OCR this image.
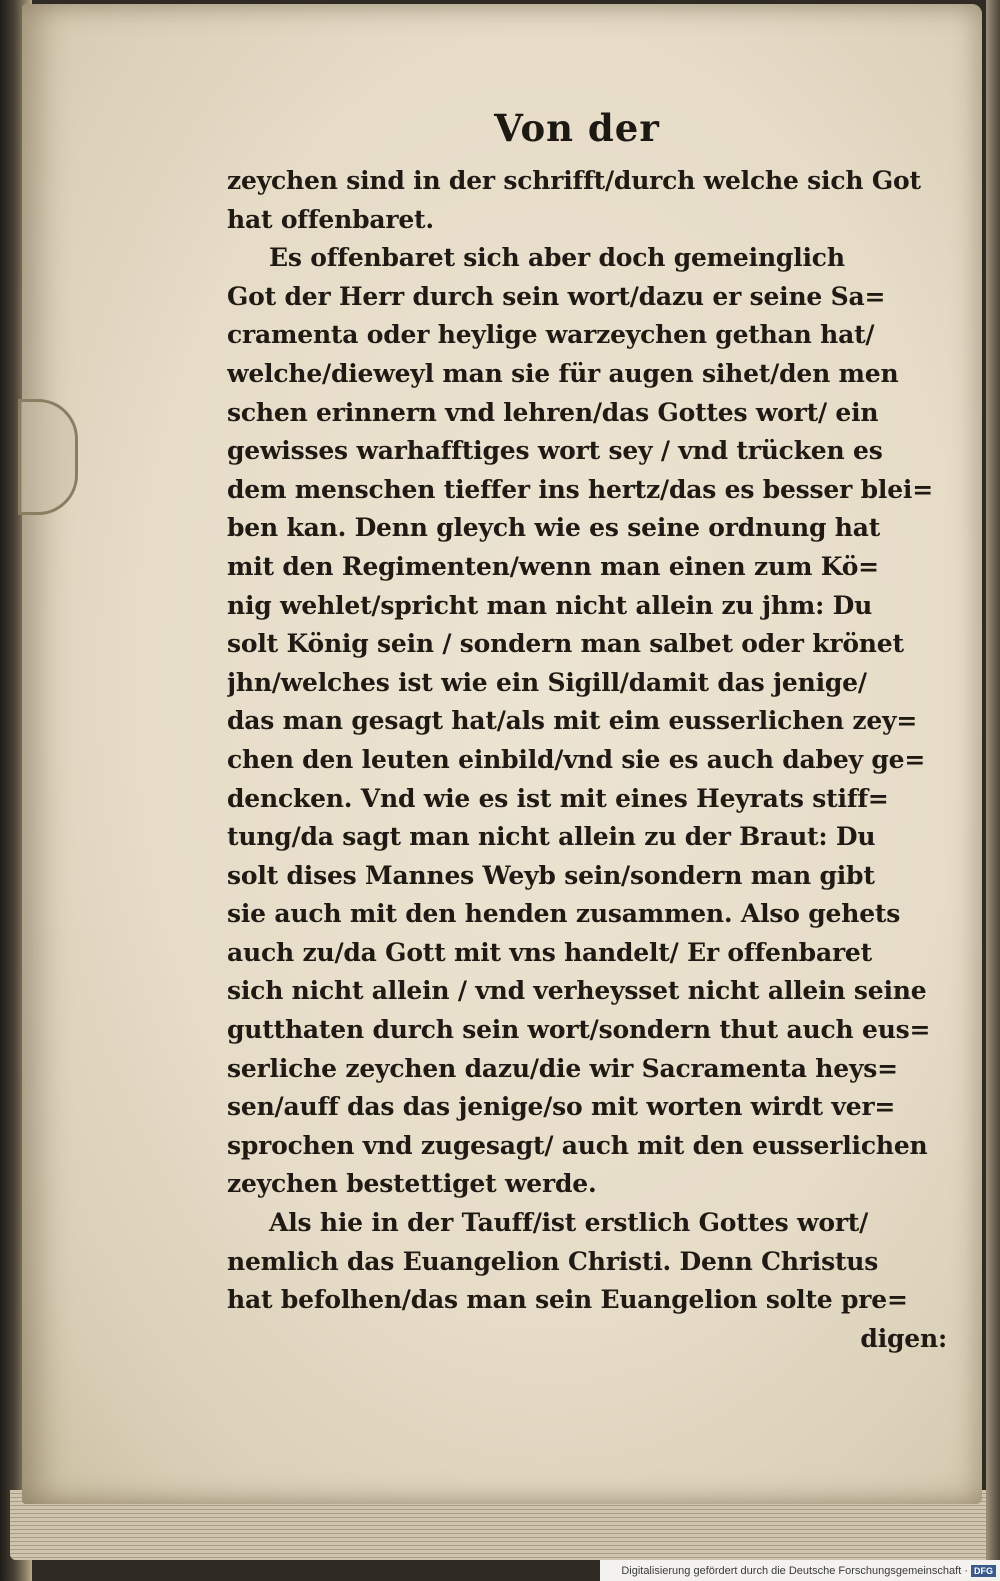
Von der
zeychen sind in der schrifft/durch welche sich Got
hat offenbaret.
Es offenbaret sich aber doch gemeinglich
Got der Herr durch sein wort/dazu er seine Sa=
cramenta oder heylige warzeychen gethan hat/
welche/dieweyl man sie für augen sihet/den men
schen erinnern vnd lehren/das Gottes wort/ ein
gewisses warhafftiges wort sey / vnd trücken es
dem menschen tieffer ins hertz/das es besser blei=
ben kan. Denn gleych wie es seine ordnung hat
mit den Regimenten/wenn man einen zum Kö=
nig wehlet/spricht man nicht allein zu jhm: Du
solt König sein / sondern man salbet oder krönet
jhn/welches ist wie ein Sigill/damit das jenige/
das man gesagt hat/als mit eim eusserlichen zey=
chen den leuten einbild/vnd sie es auch dabey ge=
dencken. Vnd wie es ist mit eines Heyrats stiff=
tung/da sagt man nicht allein zu der Braut: Du
solt dises Mannes Weyb sein/sondern man gibt
sie auch mit den henden zusammen. Also gehets
auch zu/da Gott mit vns handelt/ Er offenbaret
sich nicht allein / vnd verheysset nicht allein seine
gutthaten durch sein wort/sondern thut auch eus=
serliche zeychen dazu/die wir Sacramenta heys=
sen/auff das das jenige/so mit worten wirdt ver=
sprochen vnd zugesagt/ auch mit den eusserlichen
zeychen bestettiget werde.
Als hie in der Tauff/ist erstlich Gottes wort/
nemlich das Euangelion Christi. Denn Christus
hat befolhen/das man sein Euangelion solte pre=
digen:
Digitalisierung gefördert durch die Deutsche Forschungsgemeinschaft · DFG
